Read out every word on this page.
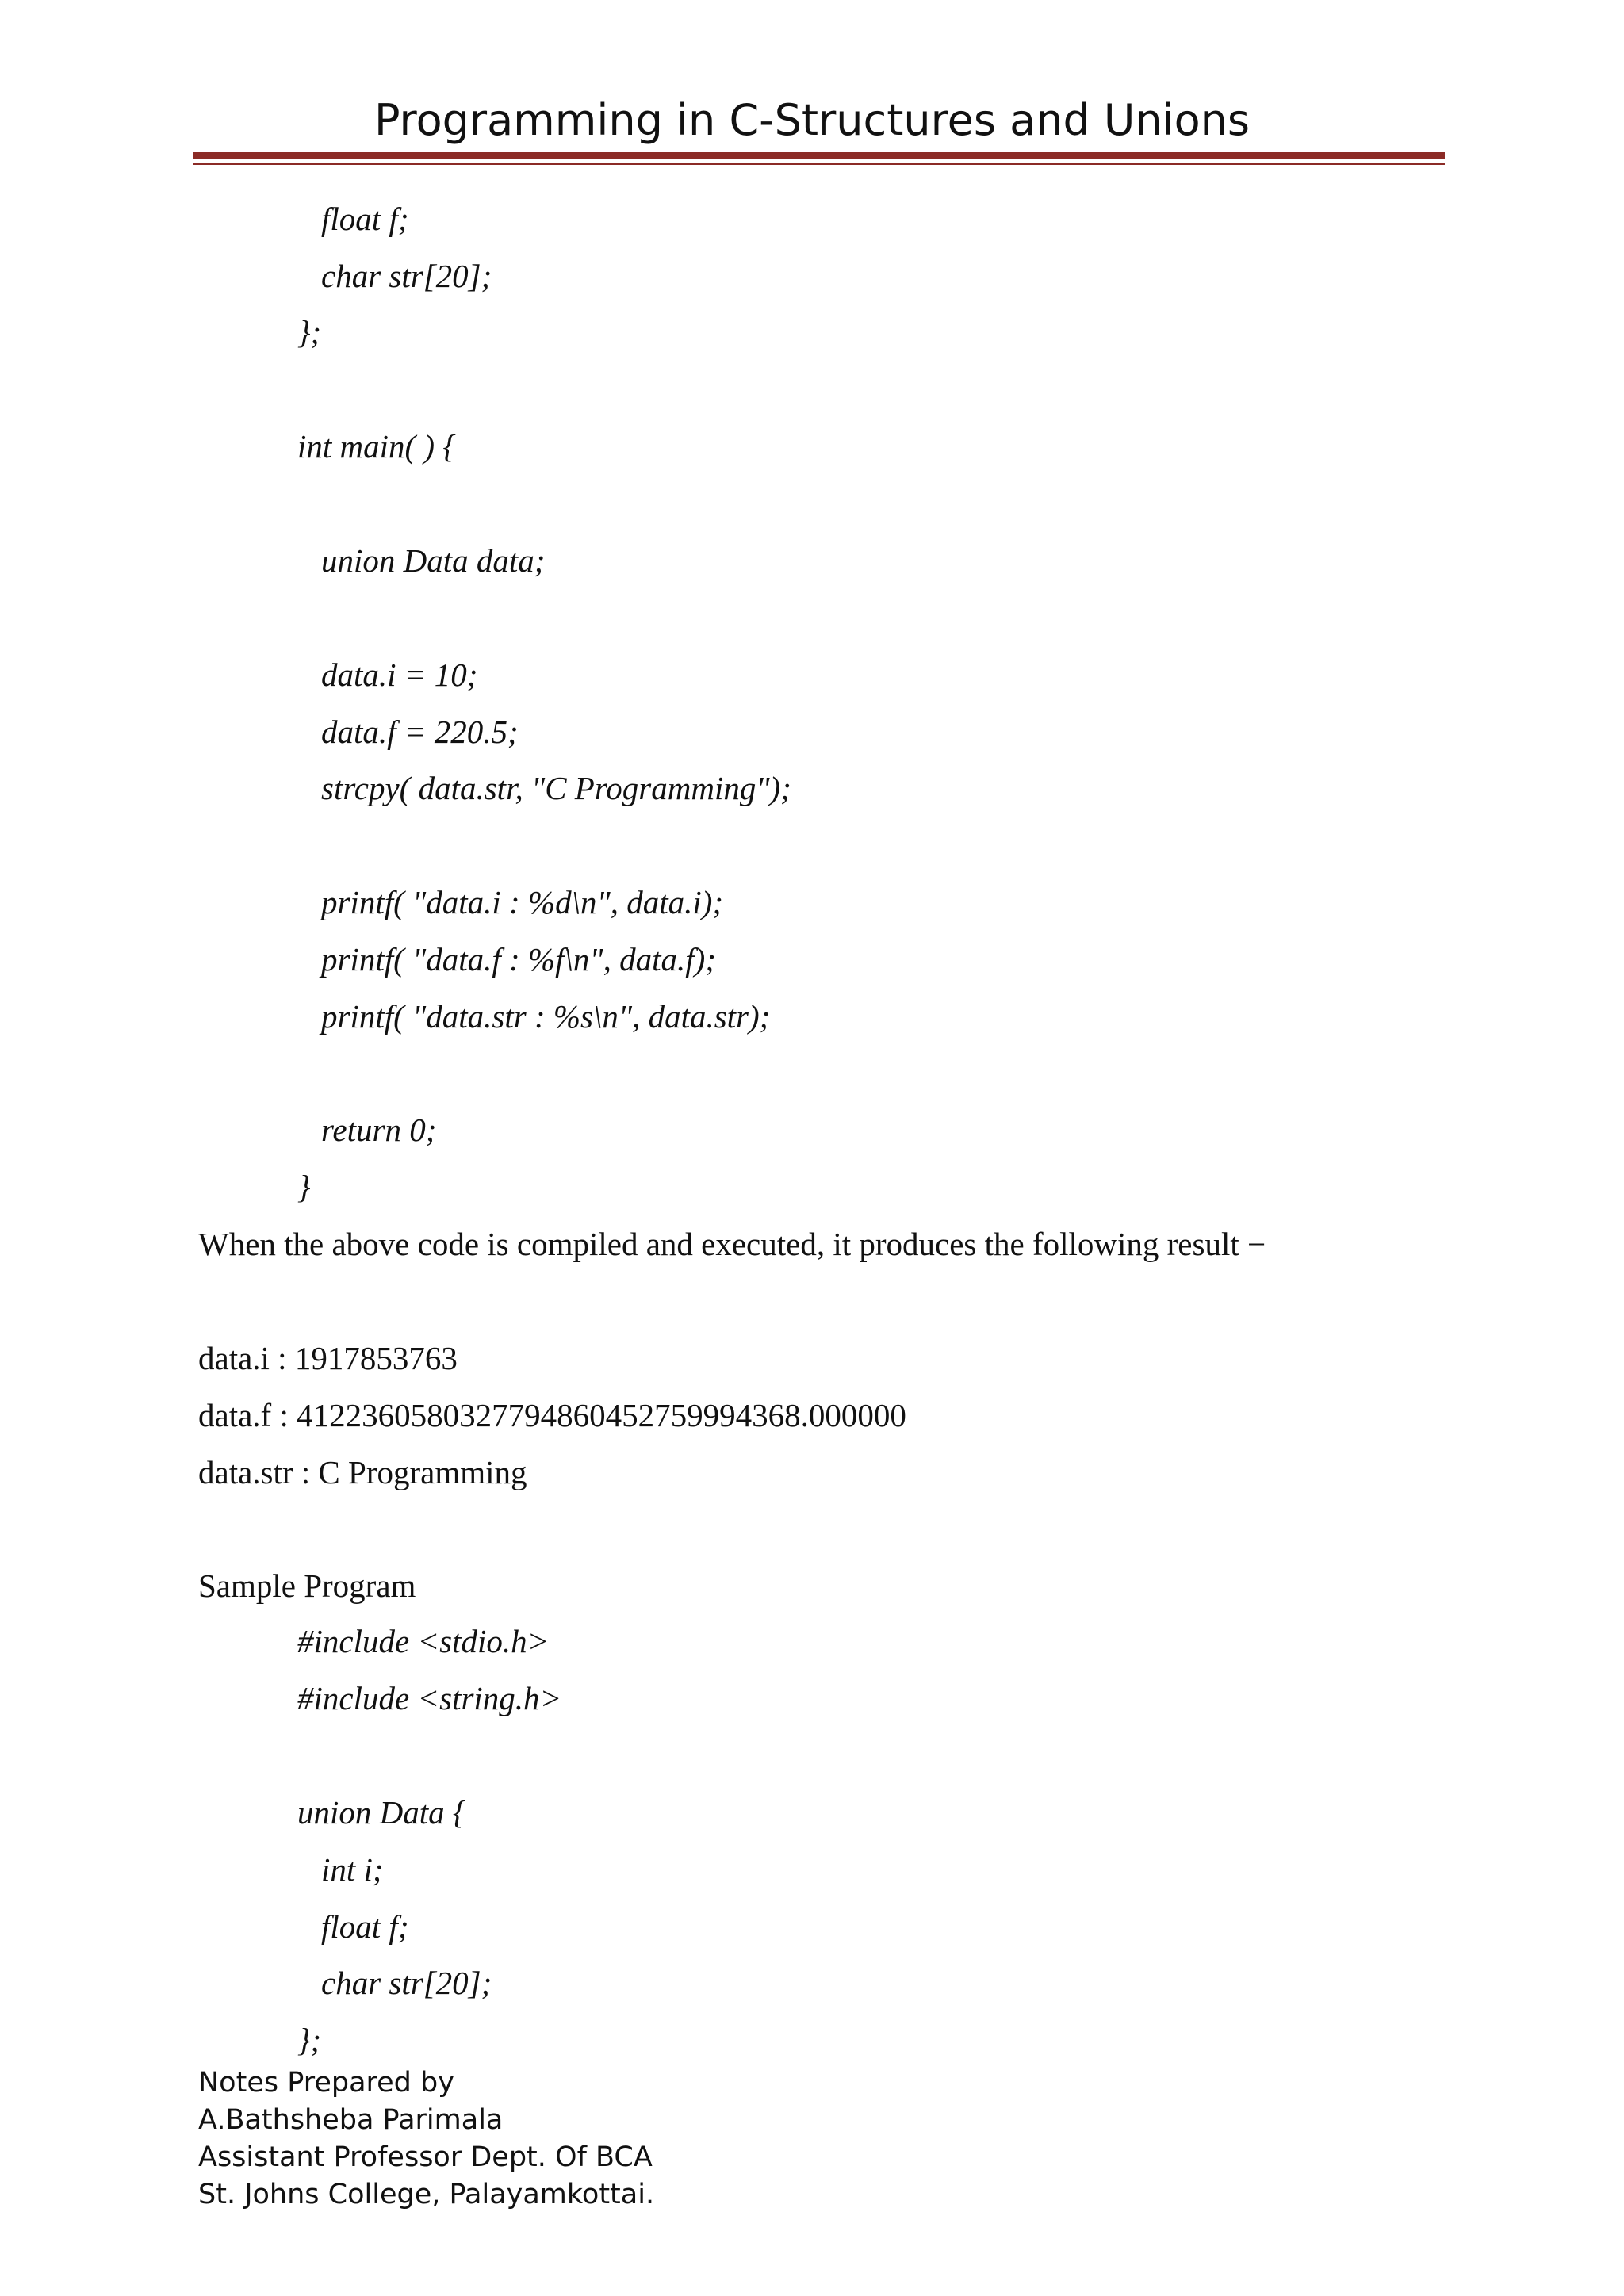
Programming in C-Structures and Unions
float f;
char str[20];
};
int main( ) {
union Data data;
data.i = 10;
data.f = 220.5;
strcpy( data.str, "C Programming");
printf( "data.i : %d\n", data.i);
printf( "data.f : %f\n", data.f);
printf( "data.str : %s\n", data.str);
return 0;
}
When the above code is compiled and executed, it produces the following result −
data.i : 1917853763
data.f : 4122360580327794860452759994368.000000
data.str : C Programming
Sample Program
#include <stdio.h>
#include <string.h>
union Data {
int i;
float f;
char str[20];
};
Notes Prepared by
A.Bathsheba Parimala
Assistant Professor Dept. Of BCA
St. Johns College, Palayamkottai.
